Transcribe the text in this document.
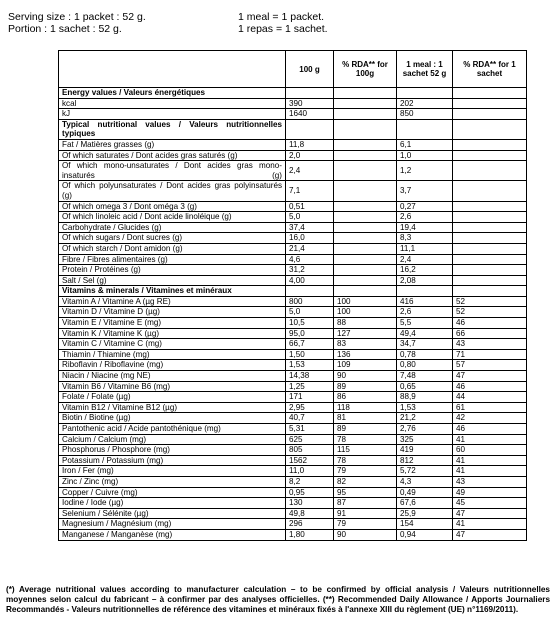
Serving size : 1 packet : 52 g.	1 meal = 1 packet.
Portion : 1 sachet : 52 g.	1 repas = 1 sachet.
	100 g	% RDA** for 100g	1 meal : 1 sachet 52 g	% RDA** for 1 sachet
Energy values / Valeurs énergétiques				
kcal	390		202	
kJ	1640		850	
Typical nutritional values / Valeurs nutritionnelles typiques				
Fat / Matières grasses (g)	11,8		6,1	
Of which saturates / Dont acides gras saturés (g)	2,0		1,0	
Of which mono-unsaturates / Dont acides gras mono-insaturés (g)	2,4		1,2	
Of which polyunsaturates / Dont acides gras polyinsaturés (g)	7,1		3,7	
Of which omega 3 / Dont oméga 3 (g)	0,51		0,27	
Of which linoleic acid / Dont acide linoléique (g)	5,0		2,6	
Carbohydrate / Glucides (g)	37,4		19,4	
Of which sugars / Dont sucres (g)	16,0		8,3	
Of which starch / Dont amidon (g)	21,4		11,1	
Fibre / Fibres alimentaires (g)	4,6		2,4	
Protein / Protéines (g)	31,2		16,2	
Salt / Sel (g)	4,00		2,08	
Vitamins & minerals / Vitamines et minéraux				
Vitamin A / Vitamine A (µg RE)	800	100	416	52
Vitamin D / Vitamine D (µg)	5,0	100	2,6	52
Vitamin E / Vitamine E (mg)	10,5	88	5,5	46
Vitamin K / Vitamine K (µg)	95,0	127	49,4	66
Vitamin C / Vitamine C (mg)	66,7	83	34,7	43
Thiamin / Thiamine (mg)	1,50	136	0,78	71
Riboflavin / Riboflavine (mg)	1,53	109	0,80	57
Niacin / Niacine (mg NE)	14,38	90	7,48	47
Vitamin B6 / Vitamine B6 (mg)	1,25	89	0,65	46
Folate / Folate (µg)	171	86	88,9	44
Vitamin B12 / Vitamine B12 (µg)	2,95	118	1,53	61
Biotin / Biotine (µg)	40,7	81	21,2	42
Pantothenic acid / Acide pantothénique (mg)	5,31	89	2,76	46
Calcium / Calcium (mg)	625	78	325	41
Phosphorus / Phosphore (mg)	805	115	419	60
Potassium / Potassium (mg)	1562	78	812	41
Iron / Fer (mg)	11,0	79	5,72	41
Zinc / Zinc (mg)	8,2	82	4,3	43
Copper / Cuivre (mg)	0,95	95	0,49	49
Iodine / Iode (µg)	130	87	67,6	45
Selenium / Sélénite (µg)	49,8	91	25,9	47
Magnesium / Magnésium (mg)	296	79	154	41
Manganese / Manganèse (mg)	1,80	90	0,94	47
(*) Average nutritional values according to manufacturer calculation – to be confirmed by official analysis / Valeurs nutritionnelles moyennes selon calcul du fabricant – à confirmer par des analyses officielles. (**) Recommended Daily Allowance / Apports Journaliers Recommandés - Valeurs nutritionnelles de référence des vitamines et minéraux fixés à l'annexe XIII du règlement (UE) n°1169/2011).
